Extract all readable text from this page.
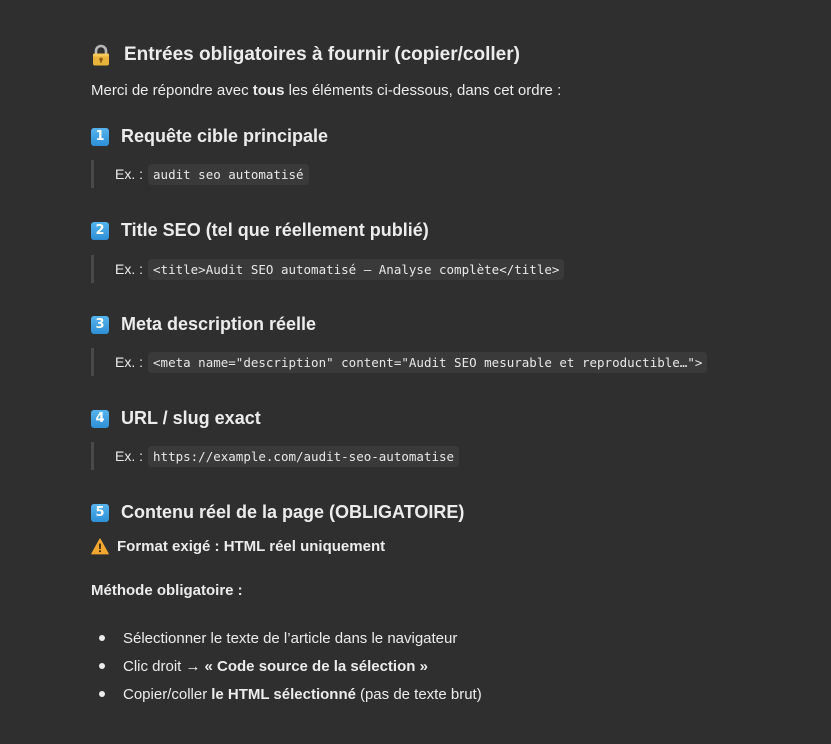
Entrées obligatoires à fournir (copier/coller)
Merci de répondre avec tous les éléments ci-dessous, dans cet ordre :
1 Requête cible principale
Ex. : audit seo automatisé
2 Title SEO (tel que réellement publié)
Ex. : <title>Audit SEO automatisé – Analyse complète</title>
3 Meta description réelle
Ex. : <meta name="description" content="Audit SEO mesurable et reproductible…">
4 URL / slug exact
Ex. : https://example.com/audit-seo-automatise
5 Contenu réel de la page (OBLIGATOIRE)
Format exigé : HTML réel uniquement
Méthode obligatoire :
Sélectionner le texte de l’article dans le navigateur
Clic droit → « Code source de la sélection »
Copier/coller le HTML sélectionné (pas de texte brut)
